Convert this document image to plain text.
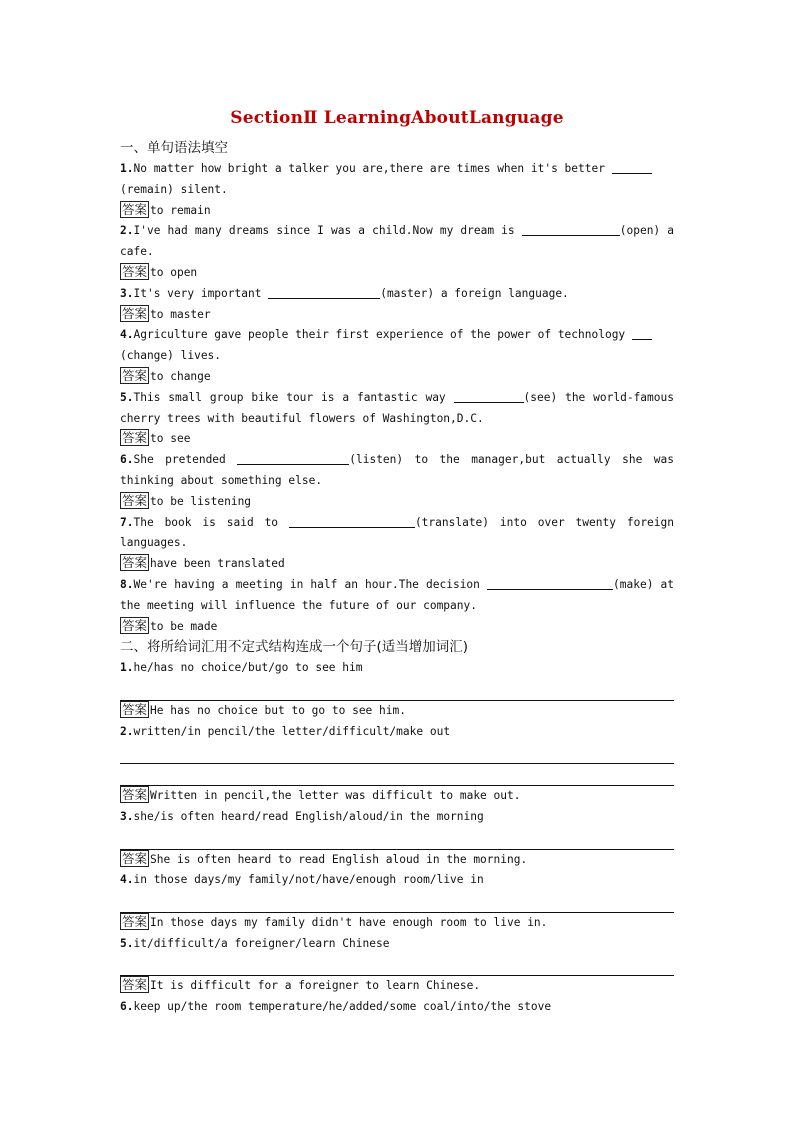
SectionⅡ LearningAboutLanguage
一、单句语法填空
1.No matter how bright a talker you are,there are times when it's better
(remain) silent.
答案 to remain
2.I've had many dreams since I was a child.Now my dream is	(open) a cafe.
答案 to open
3.It's very important	(master) a foreign language.
答案 to master
4.Agriculture gave people their first experience of the power of technology
(change) lives.
答案 to change
5.This small group bike tour is a fantastic way	(see) the world-famous cherry trees with beautiful flowers of Washington,D.C.
答案 to see
6.She pretended	(listen) to the manager,but actually she was thinking about something else.
答案 to be listening
7.The book is said to	(translate) into over twenty foreign languages.
答案 have been translated
8.We're having a meeting in half an hour.The decision	(make) at the meeting will influence the future of our company.
答案 to be made
二、将所给词汇用不定式结构连成一个句子(适当增加词汇)
1.he/has no choice/but/go to see him
答案 He has no choice but to go to see him.
2.written/in pencil/the letter/difficult/make out
答案 Written in pencil,the letter was difficult to make out.
3.she/is often heard/read English/aloud/in the morning
答案 She is often heard to read English aloud in the morning.
4.in those days/my family/not/have/enough room/live in
答案 In those days my family didn't have enough room to live in.
5.it/difficult/a foreigner/learn Chinese
答案 It is difficult for a foreigner to learn Chinese.
6.keep up/the room temperature/he/added/some coal/into/the stove
